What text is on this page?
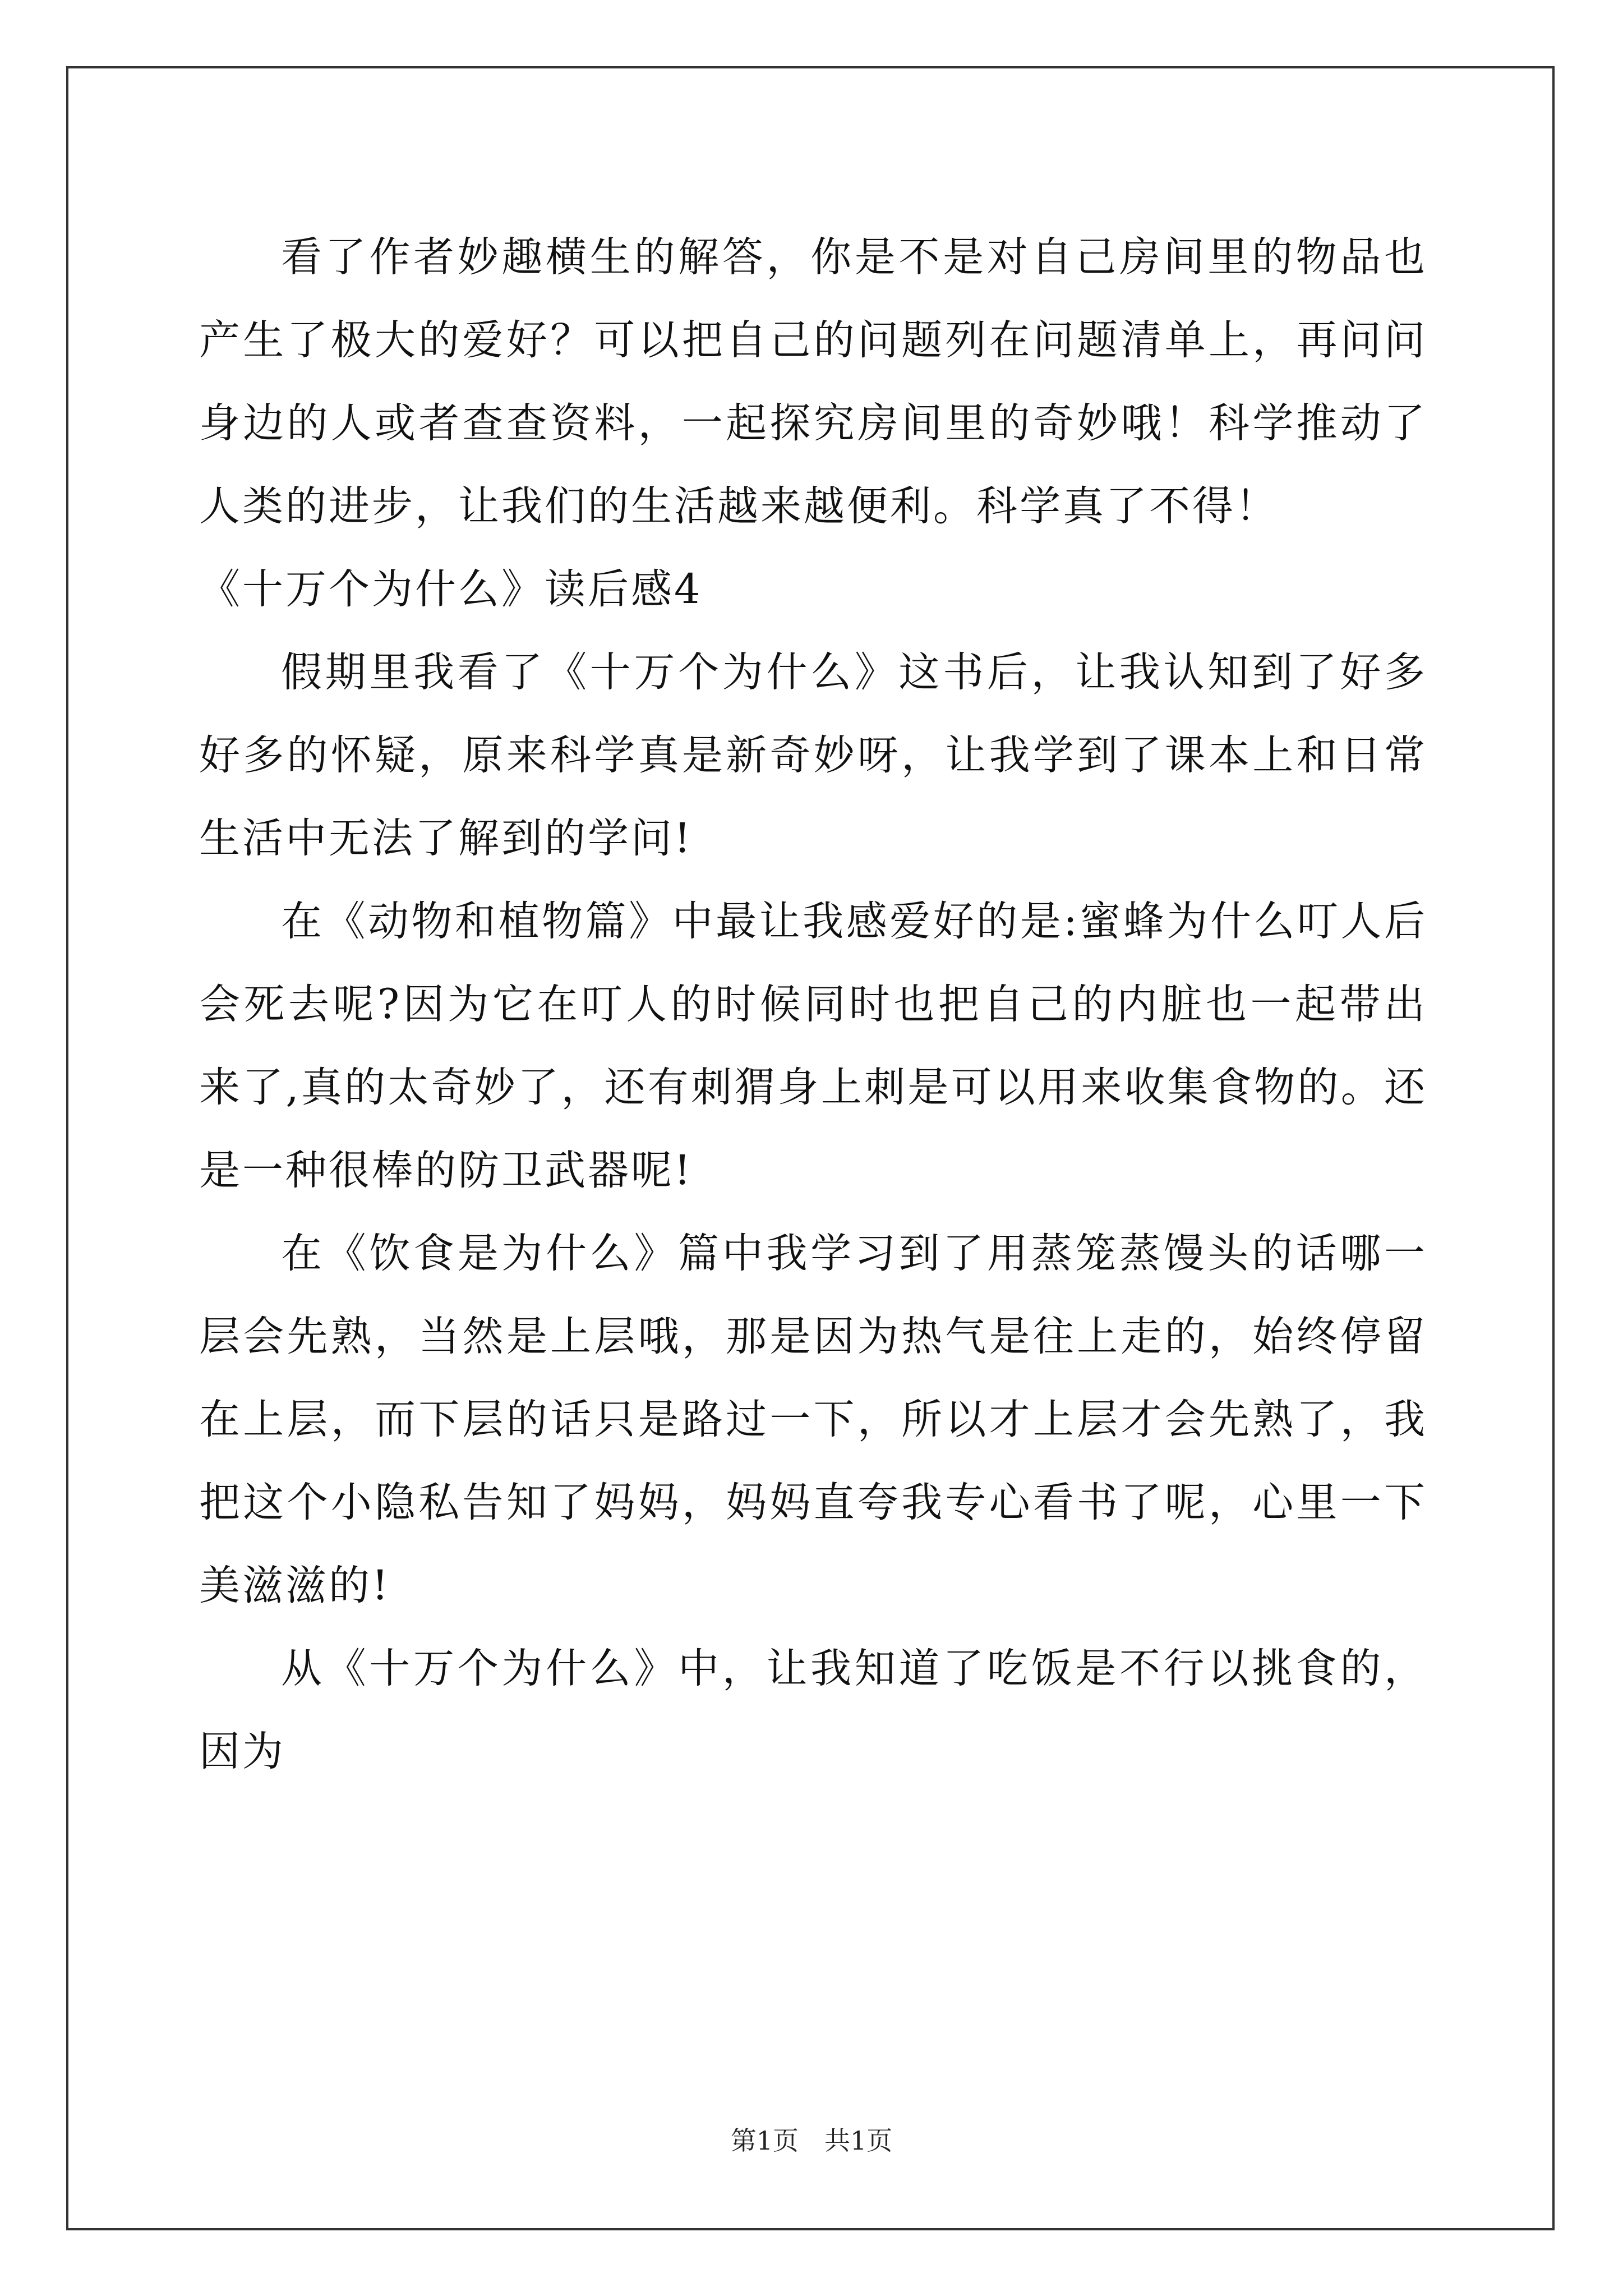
看了作者妙趣横生的解答，你是不是对自己房间里的物品也产生了极大的爱好？可以把自己的问题列在问题清单上，再问问身边的人或者查查资料，一起探究房间里的奇妙哦！科学推动了人类的进步，让我们的生活越来越便利。科学真了不得！

《十万个为什么》读后感4

假期里我看了《十万个为什么》这书后，让我认知到了好多好多的怀疑，原来科学真是新奇妙呀，让我学到了课本上和日常生活中无法了解到的学问!

在《动物和植物篇》中最让我感爱好的是:蜜蜂为什么叮人后会死去呢?因为它在叮人的时候同时也把自己的内脏也一起带出来了,真的太奇妙了，还有刺猬身上刺是可以用来收集食物的。还是一种很棒的防卫武器呢!

在《饮食是为什么》篇中我学习到了用蒸笼蒸馒头的话哪一层会先熟，当然是上层哦，那是因为热气是往上走的，始终停留在上层，而下层的话只是路过一下，所以才上层才会先熟了，我把这个小隐私告知了妈妈，妈妈直夸我专心看书了呢，心里一下美滋滋的!

从《十万个为什么》中，让我知道了吃饭是不行以挑食的，因为

第1页　共1页
